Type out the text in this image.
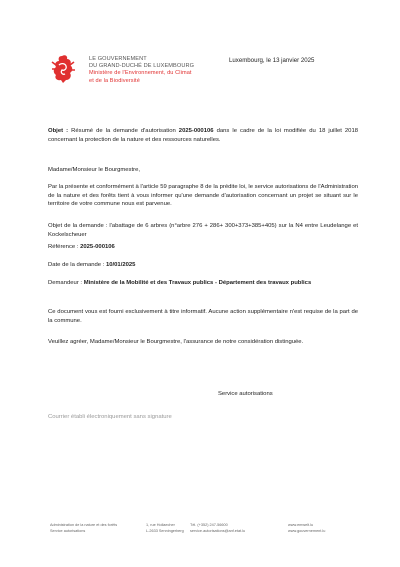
LE GOUVERNEMENT
DU GRAND-DUCHÉ DE LUXEMBOURG
Ministère de l'Environnement, du Climat
et de la Biodiversité
Luxembourg, le 13 janvier 2025
Objet : Résumé de la demande d'autorisation 2025-000106 dans le cadre de la loi modifiée du 18 juillet 2018 concernant la protection de la nature et des ressources naturelles.
Madame/Monsieur le Bourgmestre,
Par la présente et conformément à l'article 59 paragraphe 8 de la prédite loi, le service autorisations de l'Administration de la nature et des forêts tient à vous informer qu'une demande d'autorisation concernant un projet se situant sur le territoire de votre commune nous est parvenue.
Objet de la demande : l'abattage de 6 arbres (n°arbre 276 + 286+ 300+373+385+405) sur la N4 entre Leudelange et Kockelscheuer
Référence : 2025-000106
Date de la demande : 10/01/2025
Demandeur : Ministère de la Mobilité et des Travaux publics - Département des travaux publics
Ce document vous est fourni exclusivement à titre informatif. Aucune action supplémentaire n'est requise de la part de la commune.
Veuillez agréer, Madame/Monsieur le Bourgmestre, l'assurance de notre considération distinguée.
Service autorisations
Courrier établi électroniquement sans signature
Administration de la nature et des forêts
Service autorisations
1, rue Hollaecher
L-2633 Senningerberg
Tél. (+352) 247-56600
service.autorisations@anf.etat.lu
www.emwelt.lu
www.gouvernement.lu
